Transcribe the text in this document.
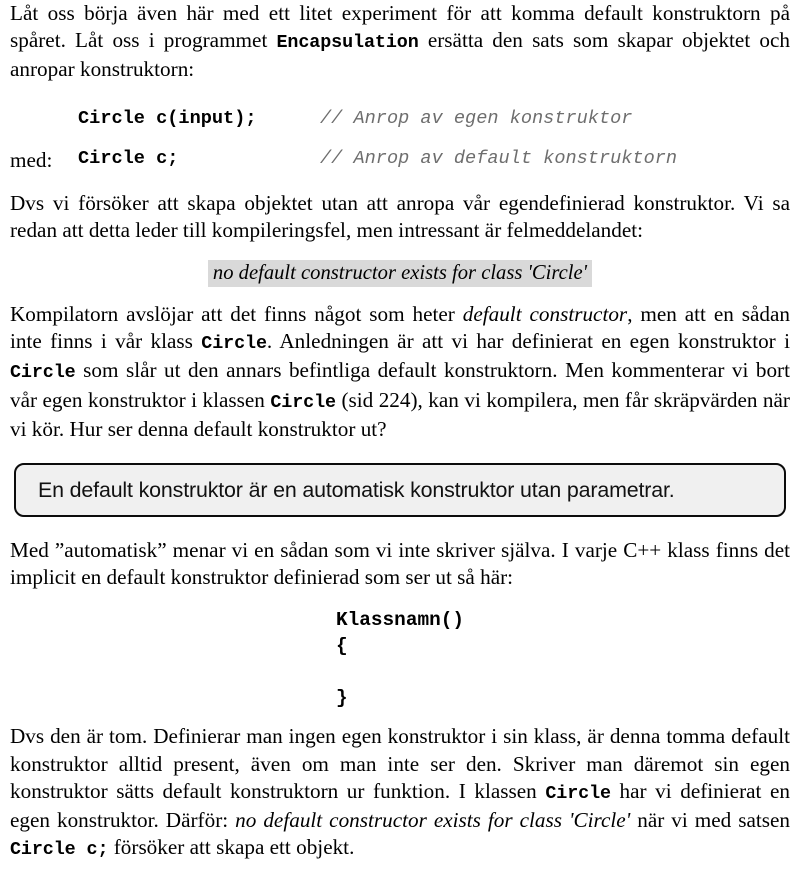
Låt oss börja även här med ett litet experiment för att komma default konstruktorn på spåret. Låt oss i programmet Encapsulation ersätta den sats som skapar objektet och anropar konstruktorn:

Circle c(input);

	// Anrop av egen konstruktor

med:

Circle c;

	// Anrop av default konstruktorn

Dvs vi försöker att skapa objektet utan att anropa vår egendefinierad konstruktor. Vi sa redan att detta leder till kompileringsfel, men intressant är felmeddelandet:

no default constructor exists for class 'Circle'

Kompilatorn avslöjar att det finns något som heter default constructor, men att en sådan inte finns i vår klass Circle. Anledningen är att vi har definierat en egen konstruktor i Circle som slår ut den annars befintliga default konstruktorn. Men kommenterar vi bort vår egen konstruktor i klassen Circle (sid 224), kan vi kompilera, men får skräpvärden när vi kör. Hur ser denna default konstruktor ut?

En default konstruktor är en automatisk konstruktor utan parametrar.

Med ”automatisk” menar vi en sådan som vi inte skriver själva. I varje C++ klass finns det implicit en default konstruktor definierad som ser ut så här:

Klassnamn()
{
}

Dvs den är tom. Definierar man ingen egen konstruktor i sin klass, är denna tomma default konstruktor alltid present, även om man inte ser den. Skriver man däremot sin egen konstruktor sätts default konstruktorn ur funktion. I klassen Circle har vi definierat en egen konstruktor. Därför: no default constructor exists for class 'Circle' när vi med satsen Circle c; försöker att skapa ett objekt.
